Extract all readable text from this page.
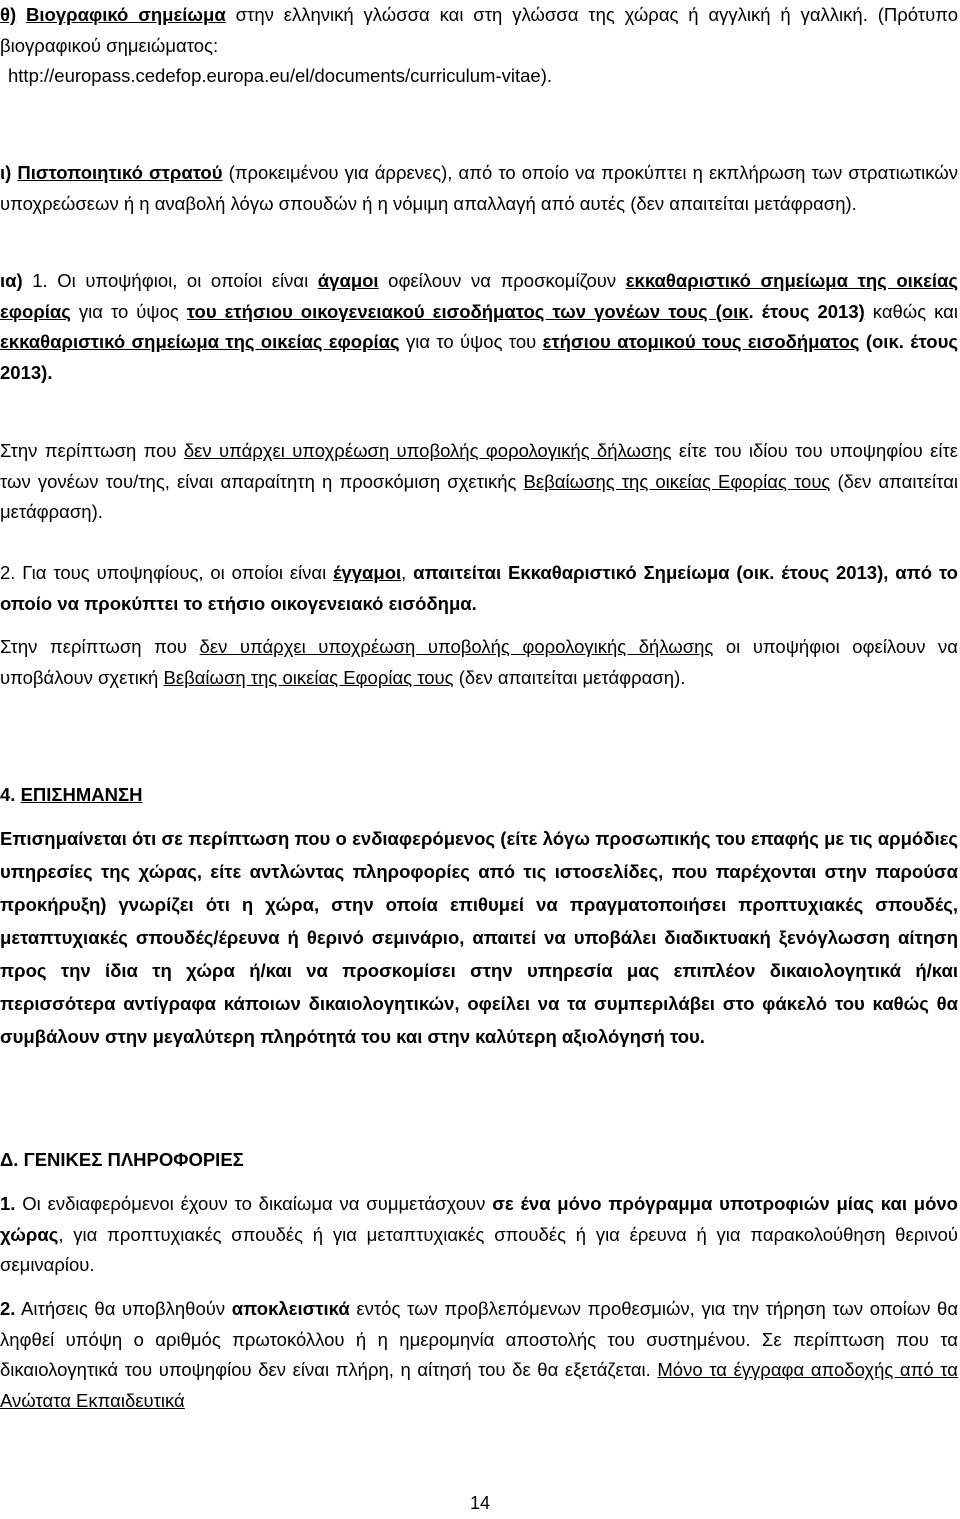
θ) Βιογραφικό σημείωμα στην ελληνική γλώσσα και στη γλώσσα της χώρας ή αγγλική ή γαλλική. (Πρότυπο βιογραφικού σημειώματος:
http://europass.cedefop.europa.eu/el/documents/curriculum-vitae).

ι) Πιστοποιητικό στρατού (προκειμένου για άρρενες), από το οποίο να προκύπτει η εκπλήρωση των στρατιωτικών υποχρεώσεων ή η αναβολή λόγω σπουδών ή η νόμιμη απαλλαγή από αυτές (δεν απαιτείται μετάφραση).

ια) 1. Οι υποψήφιοι, οι οποίοι είναι άγαμοι οφείλουν να προσκομίζουν εκκαθαριστικό σημείωμα της οικείας εφορίας για το ύψος του ετήσιου οικογενειακού εισοδήματος των γονέων τους (οικ. έτους 2013) καθώς και εκκαθαριστικό σημείωμα της οικείας εφορίας για το ύψος του ετήσιου ατομικού τους εισοδήματος (οικ. έτους 2013).

Στην περίπτωση που δεν υπάρχει υποχρέωση υποβολής φορολογικής δήλωσης είτε του ιδίου του υποψηφίου είτε των γονέων του/της, είναι απαραίτητη η προσκόμιση σχετικής Βεβαίωσης της οικείας Εφορίας τους (δεν απαιτείται μετάφραση).

2. Για τους υποψηφίους, οι οποίοι είναι έγγαμοι, απαιτείται Εκκαθαριστικό Σημείωμα (οικ. έτους 2013), από το οποίο να προκύπτει το ετήσιο οικογενειακό εισόδημα.

Στην περίπτωση που δεν υπάρχει υποχρέωση υποβολής φορολογικής δήλωσης οι υποψήφιοι οφείλουν να υποβάλουν σχετική Βεβαίωση της οικείας Εφορίας τους (δεν απαιτείται μετάφραση).

4. ΕΠΙΣΗΜΑΝΣΗ

Επισημαίνεται ότι σε περίπτωση που ο ενδιαφερόμενος (είτε λόγω προσωπικής του επαφής με τις αρμόδιες υπηρεσίες της χώρας, είτε αντλώντας πληροφορίες από τις ιστοσελίδες, που παρέχονται στην παρούσα προκήρυξη) γνωρίζει ότι η χώρα, στην οποία επιθυμεί να πραγματοποιήσει προπτυχιακές σπουδές, μεταπτυχιακές σπουδές/έρευνα ή θερινό σεμινάριο, απαιτεί να υποβάλει διαδικτυακή ξενόγλωσση αίτηση προς την ίδια τη χώρα ή/και να προσκομίσει στην υπηρεσία μας επιπλέον δικαιολογητικά ή/και περισσότερα αντίγραφα κάποιων δικαιολογητικών, οφείλει να τα συμπεριλάβει στο φάκελό του καθώς θα συμβάλουν στην μεγαλύτερη πληρότητά του και στην καλύτερη αξιολόγησή του.

Δ. ΓΕΝΙΚΕΣ ΠΛΗΡΟΦΟΡΙΕΣ

1. Οι ενδιαφερόμενοι έχουν το δικαίωμα να συμμετάσχουν σε ένα μόνο πρόγραμμα υποτροφιών μίας και μόνο χώρας, για προπτυχιακές σπουδές ή για μεταπτυχιακές σπουδές ή για έρευνα ή για παρακολούθηση θερινού σεμιναρίου.

2. Αιτήσεις θα υποβληθούν αποκλειστικά εντός των προβλεπόμενων προθεσμιών, για την τήρηση των οποίων θα ληφθεί υπόψη ο αριθμός πρωτοκόλλου ή η ημερομηνία αποστολής του συστημένου. Σε περίπτωση που τα δικαιολογητικά του υποψηφίου δεν είναι πλήρη, η αίτησή του δε θα εξετάζεται. Μόνο τα έγγραφα αποδοχής από τα Ανώτατα Εκπαιδευτικά

14
